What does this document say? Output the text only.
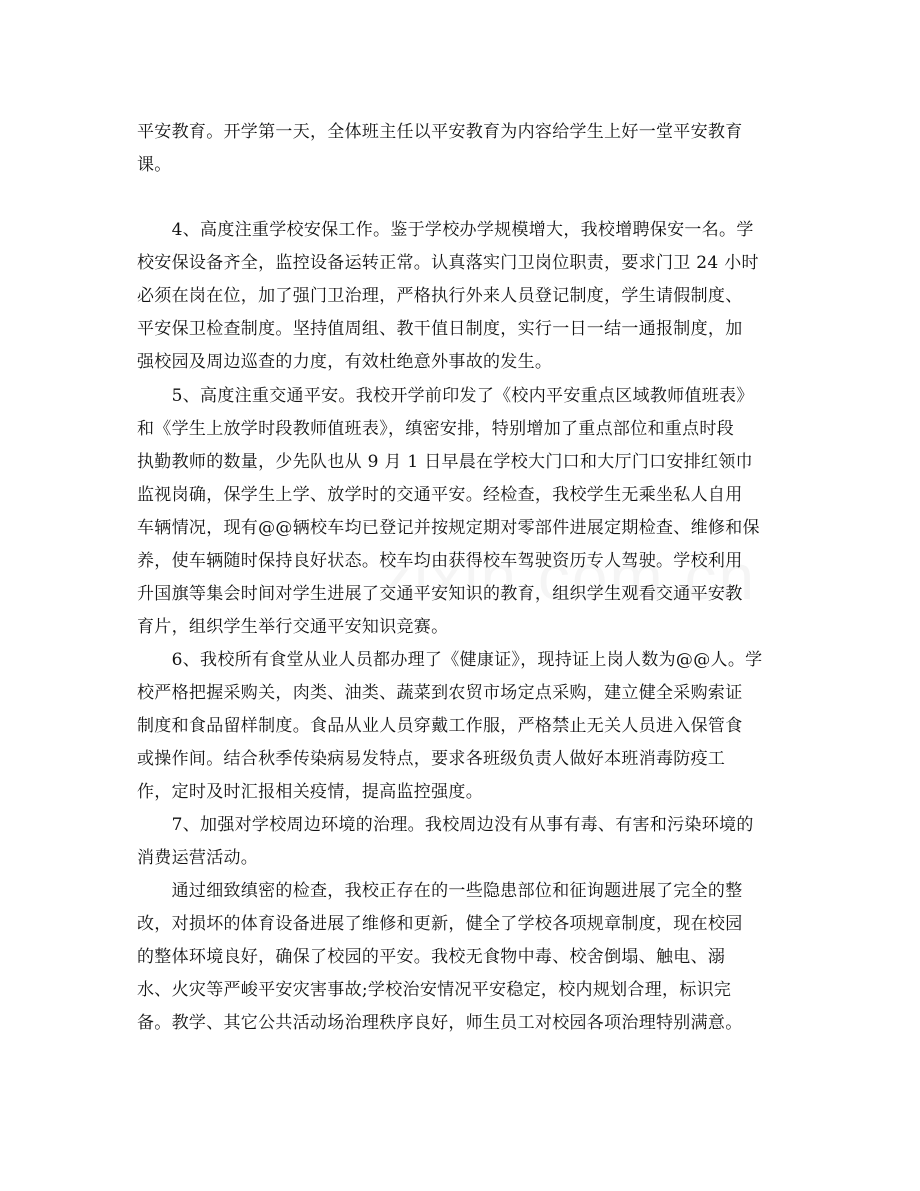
平安教育。开学第一天，全体班主任以平安教育为内容给学生上好一堂平安教育
课。
　　4、高度注重学校安保工作。鉴于学校办学规模增大，我校增聘保安一名。学
校安保设备齐全，监控设备运转正常。认真落实门卫岗位职责，要求门卫 24 小时
必须在岗在位，加了强门卫治理，严格执行外来人员登记制度，学生请假制度、
平安保卫检查制度。坚持值周组、教干值日制度，实行一日一结一通报制度，加
强校园及周边巡查的力度，有效杜绝意外事故的发生。
　　5、高度注重交通平安。我校开学前印发了《校内平安重点区域教师值班表》
和《学生上放学时段教师值班表》，缜密安排，特别增加了重点部位和重点时段
执勤教师的数量，少先队也从 9 月 1 日早晨在学校大门口和大厅门口安排红领巾
监视岗确，保学生上学、放学时的交通平安。经检查，我校学生无乘坐私人自用
车辆情况，现有@@辆校车均已登记并按规定期对零部件进展定期检查、维修和保
养，使车辆随时保持良好状态。校车均由获得校车驾驶资历专人驾驶。学校利用
升国旗等集会时间对学生进展了交通平安知识的教育，组织学生观看交通平安教
育片，组织学生举行交通平安知识竞赛。
　　6、我校所有食堂从业人员都办理了《健康证》，现持证上岗人数为@@人。学
校严格把握采购关，肉类、油类、蔬菜到农贸市场定点采购，建立健全采购索证
制度和食品留样制度。食品从业人员穿戴工作服，严格禁止无关人员进入保管食
或操作间。结合秋季传染病易发特点，要求各班级负责人做好本班消毒防疫工
作，定时及时汇报相关疫情，提高监控强度。
　　7、加强对学校周边环境的治理。我校周边没有从事有毒、有害和污染环境的
消费运营活动。
　　通过细致缜密的检查，我校正存在的一些隐患部位和征询题进展了完全的整
改，对损坏的体育设备进展了维修和更新，健全了学校各项规章制度，现在校园
的整体环境良好，确保了校园的平安。我校无食物中毒、校舍倒塌、触电、溺
水、火灾等严峻平安灾害事故;学校治安情况平安稳定，校内规划合理，标识完
备。教学、其它公共活动场治理秩序良好，师生员工对校园各项治理特别满意。
